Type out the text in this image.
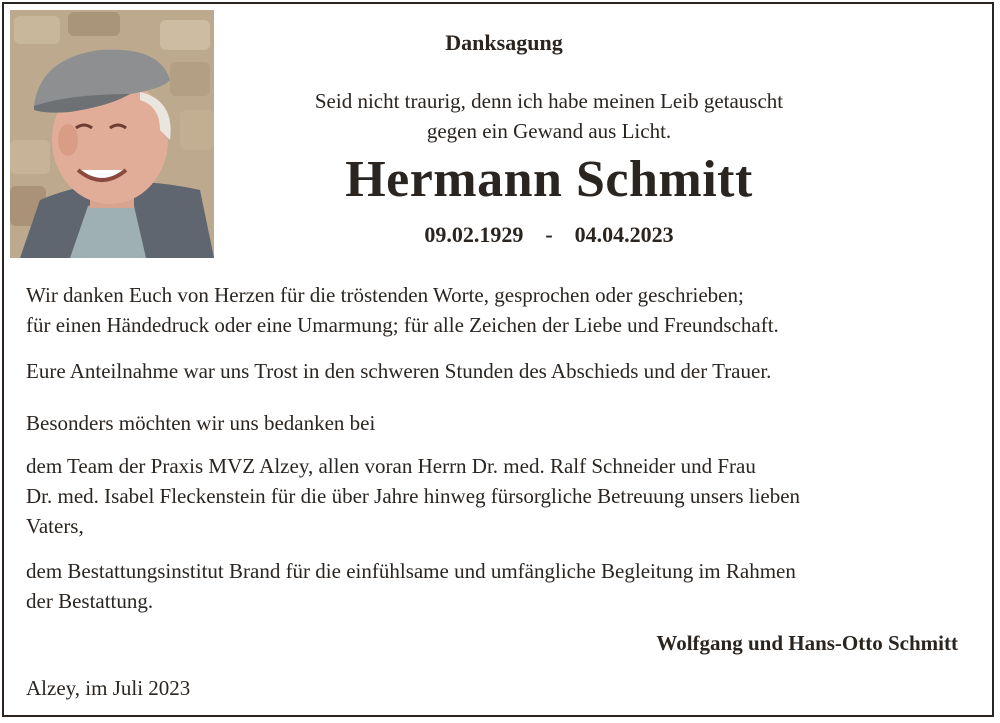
Danksagung
Seid nicht traurig, denn ich habe meinen Leib getauscht
gegen ein Gewand aus Licht.
Hermann Schmitt
09.02.1929 - 04.04.2023
Wir danken Euch von Herzen für die tröstenden Worte, gesprochen oder geschrieben;
für einen Händedruck oder eine Umarmung; für alle Zeichen der Liebe und Freundschaft.
Eure Anteilnahme war uns Trost in den schweren Stunden des Abschieds und der Trauer.
Besonders möchten wir uns bedanken bei
dem Team der Praxis MVZ Alzey, allen voran Herrn Dr. med. Ralf Schneider und Frau
Dr. med. Isabel Fleckenstein für die über Jahre hinweg fürsorgliche Betreuung unsers lieben
Vaters,
dem Bestattungsinstitut Brand für die einfühlsame und umfängliche Begleitung im Rahmen
der Bestattung.
Wolfgang und Hans-Otto Schmitt
Alzey, im Juli 2023
